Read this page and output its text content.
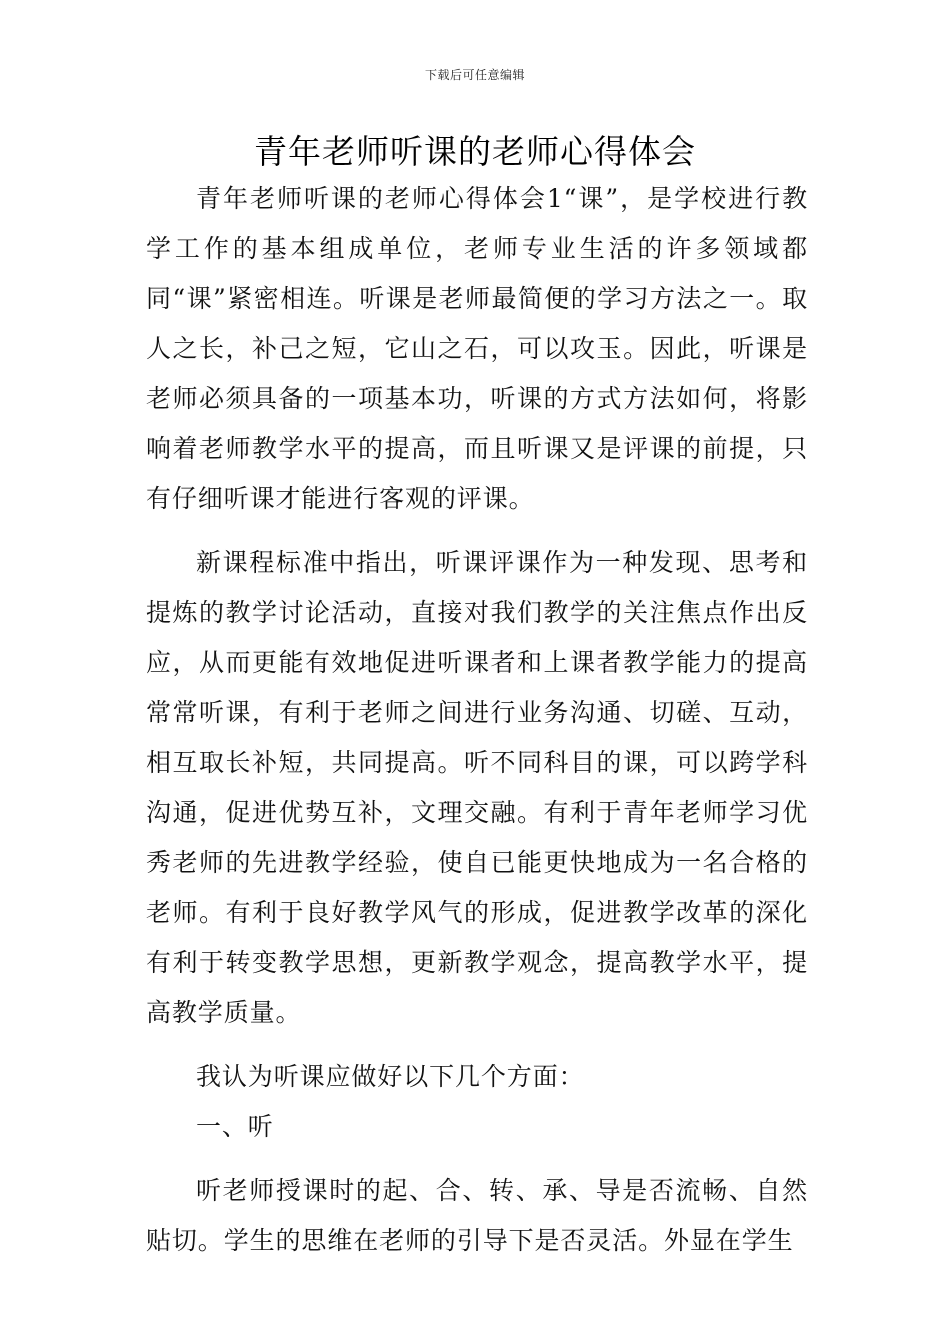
下载后可任意编辑
青年老师听课的老师心得体会

青年老师听课的老师心得体会1“课”，是学校进行教学工作的基本组成单位，老师专业生活的许多领域都同“课”紧密相连。听课是老师最简便的学习方法之一。取人之长，补己之短，它山之石，可以攻玉。因此，听课是老师必须具备的一项基本功，听课的方式方法如何，将影响着老师教学水平的提高，而且听课又是评课的前提，只有仔细听课才能进行客观的评课。

新课程标准中指出，听课评课作为一种发现、思考和提炼的教学讨论活动，直接对我们教学的关注焦点作出反应，从而更能有效地促进听课者和上课者教学能力的提高常常听课，有利于老师之间进行业务沟通、切磋、互动，相互取长补短，共同提高。听不同科目的课，可以跨学科沟通，促进优势互补，文理交融。有利于青年老师学习优秀老师的先进教学经验，使自已能更快地成为一名合格的老师。有利于良好教学风气的形成，促进教学改革的深化有利于转变教学思想，更新教学观念，提高教学水平，提高教学质量。

我认为听课应做好以下几个方面：

一、听

听老师授课时的起、合、转、承、导是否流畅、自然贴切。学生的思维在老师的引导下是否灵活。外显在学生
